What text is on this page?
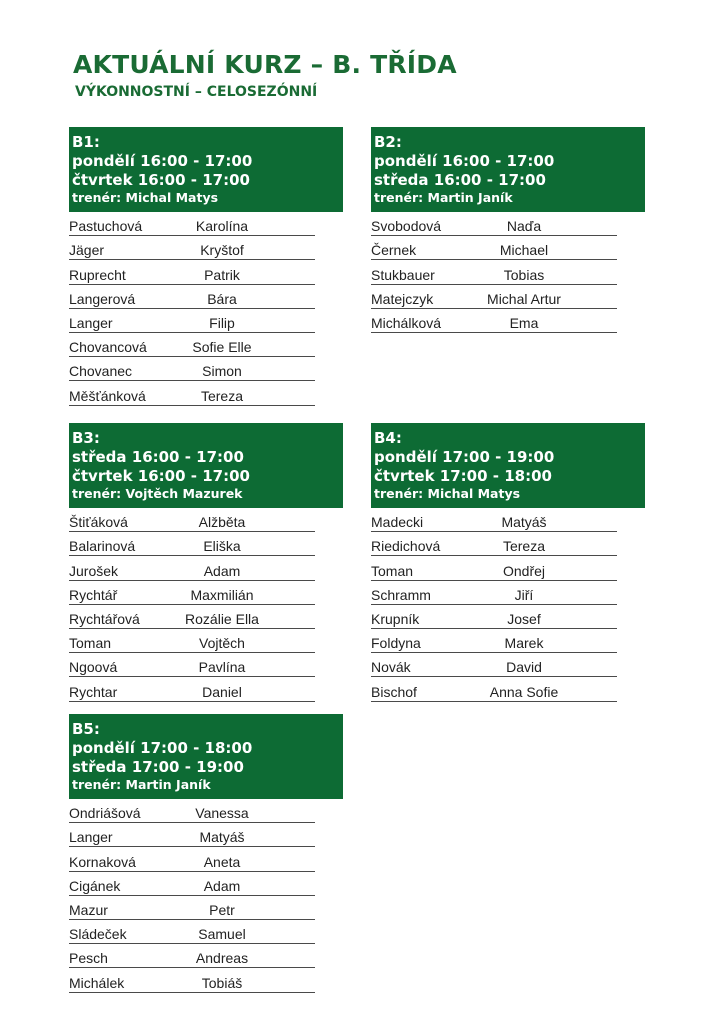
AKTUÁLNÍ KURZ – B. TŘÍDA
VÝKONNOSTNÍ – CELOSEZÓNNÍ
B1:
pondělí 16:00 - 17:00
čtvrtek 16:00 - 17:00
trenér: Michal Matys
Pastuchová	Karolína
Jäger	Kryštof
Ruprecht	Patrik
Langerová	Bára
Langer	Filip
Chovancová	Sofie Elle
Chovanec	Simon
Měšťánková	Tereza
B2:
pondělí 16:00 - 17:00
středa 16:00 - 17:00
trenér: Martin Janík
Svobodová	Naďa
Černek	Michael
Stukbauer	Tobias
Matejczyk	Michal Artur
Michálková	Ema
B3:
středa 16:00 - 17:00
čtvrtek 16:00 - 17:00
trenér: Vojtěch Mazurek
Štiťáková	Alžběta
Balarinová	Eliška
Jurošek	Adam
Rychtář	Maxmilián
Rychtářová	Rozálie Ella
Toman	Vojtěch
Ngoová	Pavlína
Rychtar	Daniel
B4:
pondělí 17:00 - 19:00
čtvrtek 17:00 - 18:00
trenér: Michal Matys
Madecki	Matyáš
Riedichová	Tereza
Toman	Ondřej
Schramm	Jiří
Krupník	Josef
Foldyna	Marek
Novák	David
Bischof	Anna Sofie
B5:
pondělí 17:00 - 18:00
středa 17:00 - 19:00
trenér: Martin Janík
Ondriášová	Vanessa
Langer	Matyáš
Kornaková	Aneta
Cigánek	Adam
Mazur	Petr
Sládeček	Samuel
Pesch	Andreas
Michálek	Tobiáš
